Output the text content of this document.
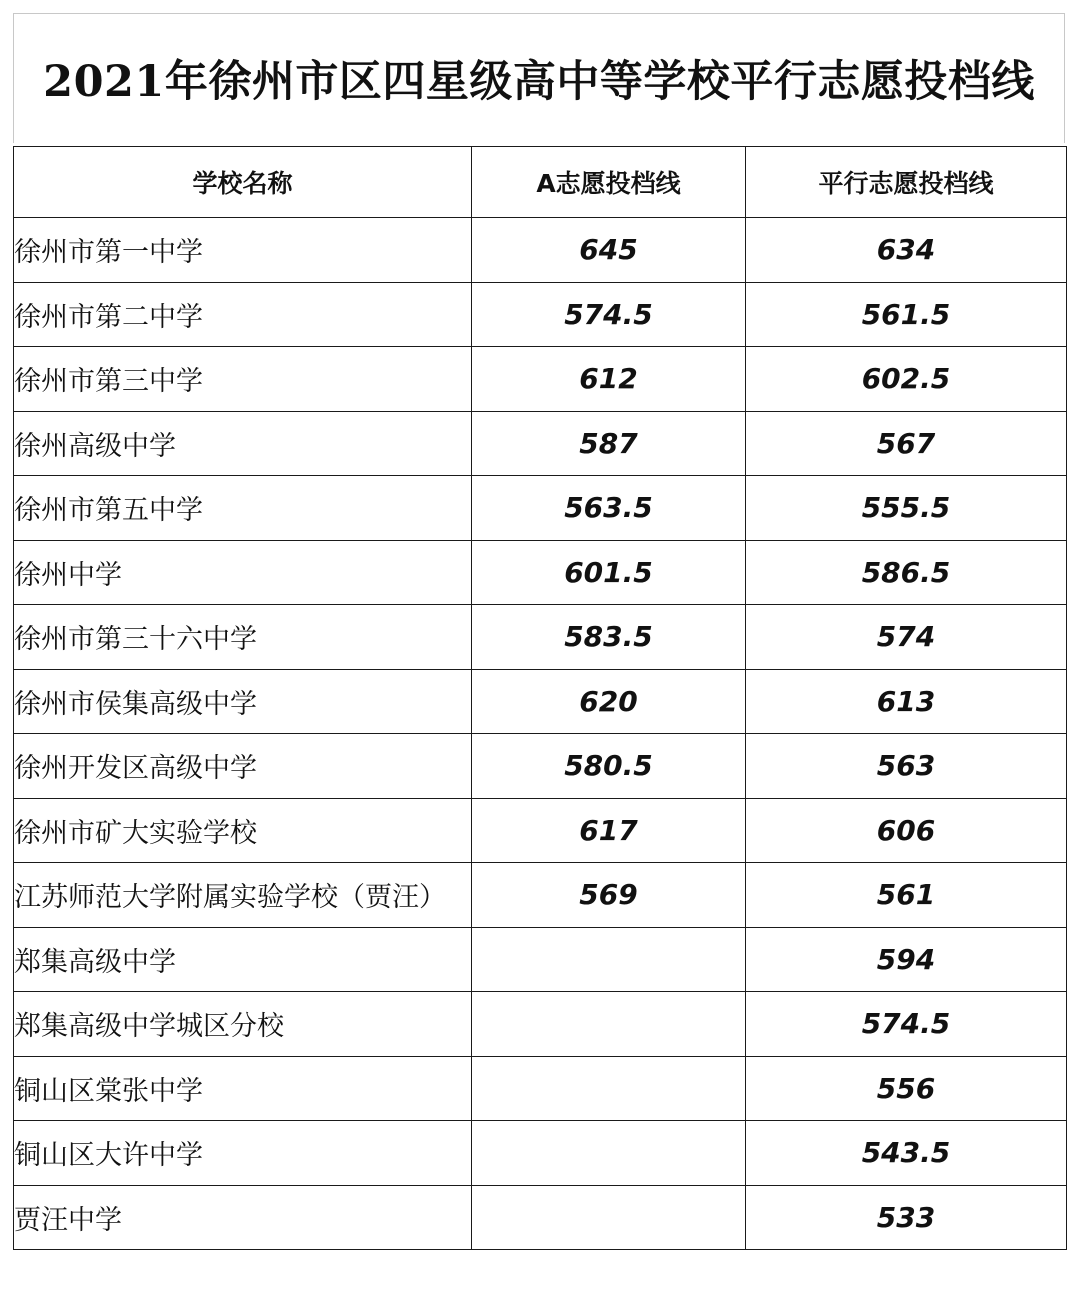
2021年徐州市区四星级高中等学校平行志愿投档线
学校名称	A志愿投档线	平行志愿投档线
徐州市第一中学	645	634
徐州市第二中学	574.5	561.5
徐州市第三中学	612	602.5
徐州高级中学	587	567
徐州市第五中学	563.5	555.5
徐州中学	601.5	586.5
徐州市第三十六中学	583.5	574
徐州市侯集高级中学	620	613
徐州开发区高级中学	580.5	563
徐州市矿大实验学校	617	606
江苏师范大学附属实验学校（贾汪）	569	561
郑集高级中学		594
郑集高级中学城区分校		574.5
铜山区棠张中学		556
铜山区大许中学		543.5
贾汪中学		533
